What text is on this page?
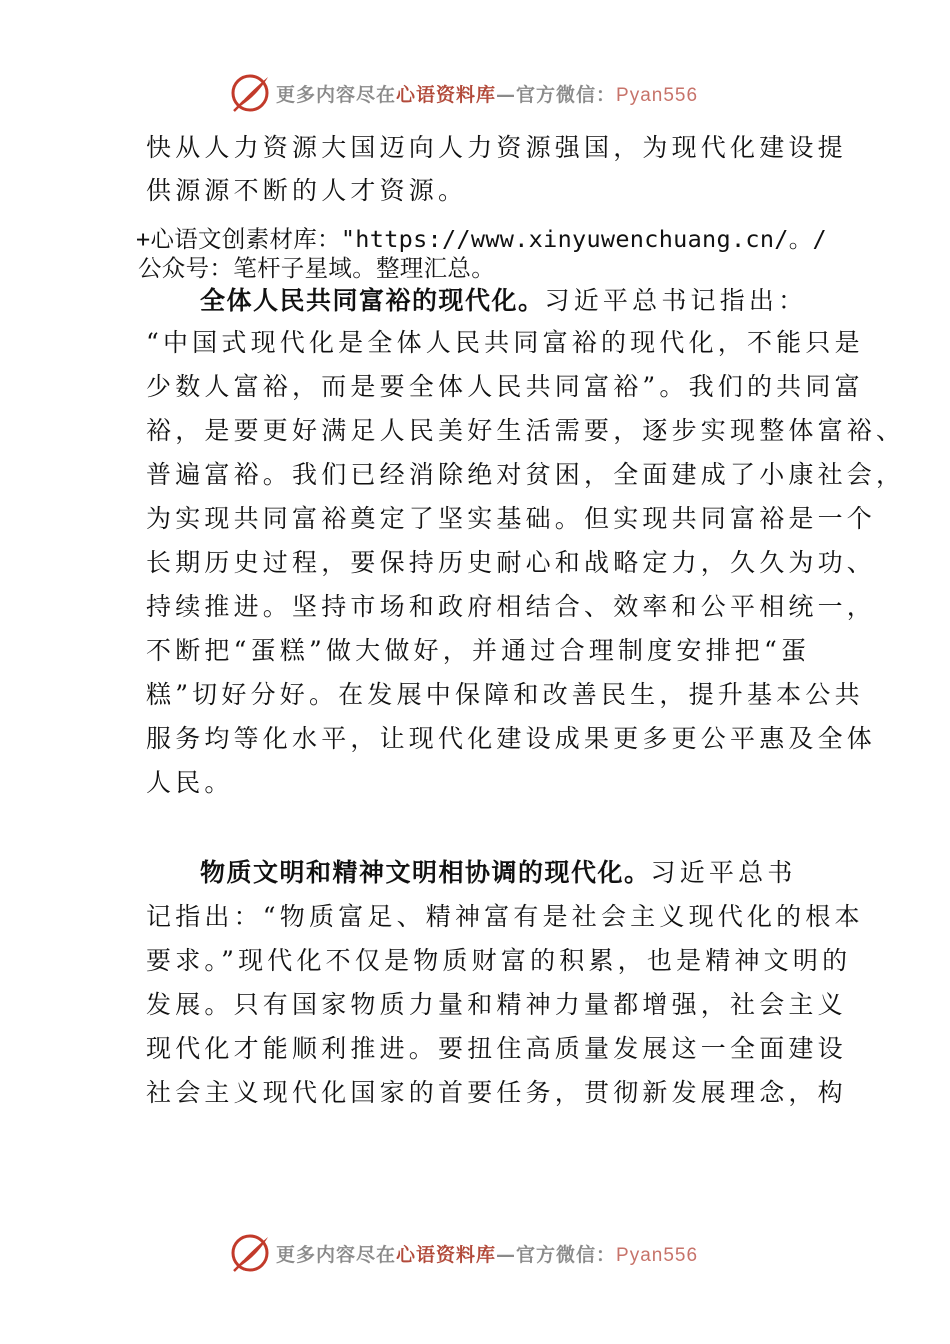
更多内容尽在心语资料库—官方微信：Pyan556
快从人力资源大国迈向人力资源强国，为现代化建设提
供源源不断的人才资源。
+心语文创素材库："https://www.xinyuwenchuang.cn/。/
公众号：笔杆子星域。整理汇总。
全体人民共同富裕的现代化。习近平总书记指出：
“中国式现代化是全体人民共同富裕的现代化，不能只是
少数人富裕，而是要全体人民共同富裕”。我们的共同富
裕，是要更好满足人民美好生活需要，逐步实现整体富裕、
普遍富裕。我们已经消除绝对贫困，全面建成了小康社会，
为实现共同富裕奠定了坚实基础。但实现共同富裕是一个
长期历史过程，要保持历史耐心和战略定力，久久为功、
持续推进。坚持市场和政府相结合、效率和公平相统一，
不断把“蛋糕”做大做好，并通过合理制度安排把“蛋
糕”切好分好。在发展中保障和改善民生，提升基本公共
服务均等化水平，让现代化建设成果更多更公平惠及全体
人民。
物质文明和精神文明相协调的现代化。习近平总书
记指出：“物质富足、精神富有是社会主义现代化的根本
要求。”现代化不仅是物质财富的积累，也是精神文明的
发展。只有国家物质力量和精神力量都增强，社会主义
现代化才能顺利推进。要扭住高质量发展这一全面建设
社会主义现代化国家的首要任务，贯彻新发展理念，构
更多内容尽在心语资料库—官方微信：Pyan556
